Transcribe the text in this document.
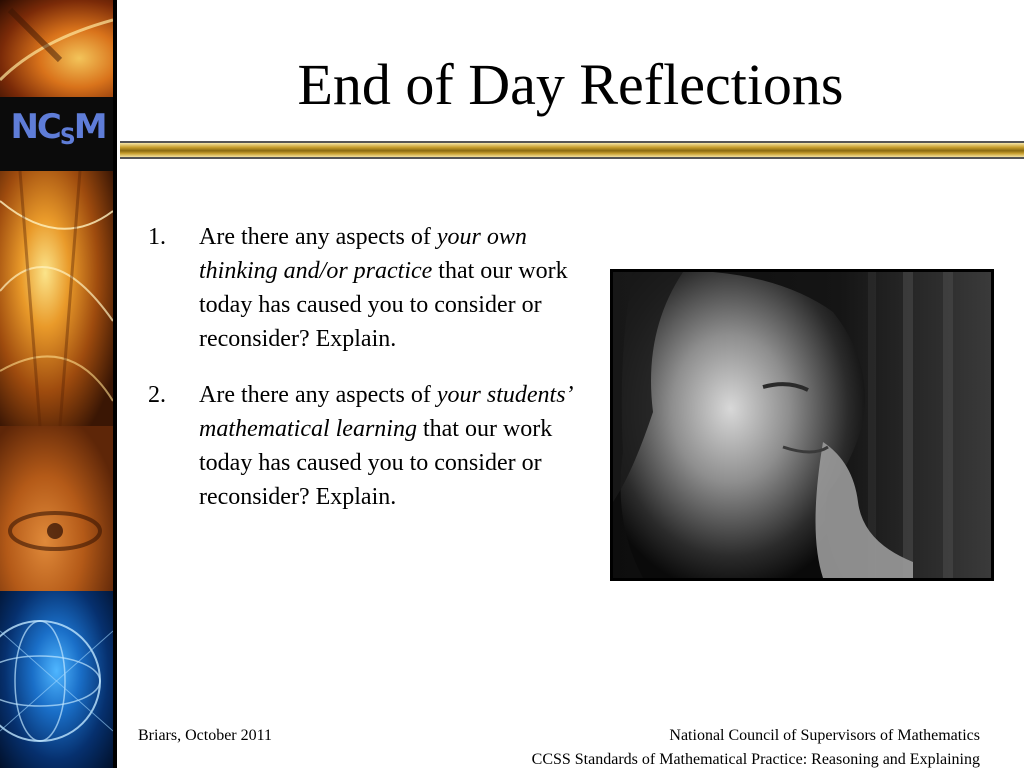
NCSM
End of Day Reflections
1. Are there any aspects of your own thinking and/or practice that our work today has caused you to consider or reconsider? Explain.
2. Are there any aspects of your students’ mathematical learning that our work today has caused you to consider or reconsider? Explain.
Briars, October 2011	National Council of Supervisors of Mathematics
CCSS Standards of Mathematical Practice: Reasoning and Explaining
